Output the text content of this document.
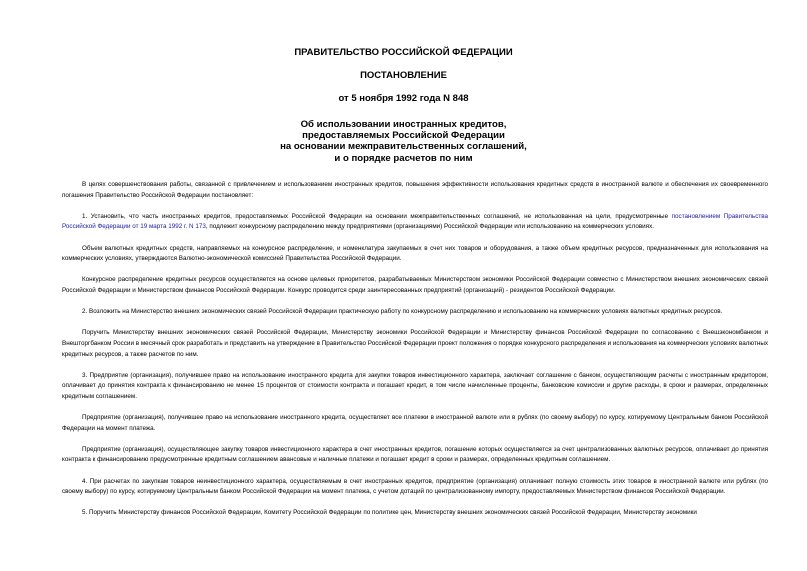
ПРАВИТЕЛЬСТВО РОССИЙСКОЙ ФЕДЕРАЦИИ

ПОСТАНОВЛЕНИЕ

от 5 ноября 1992 года N 848

Об использовании иностранных кредитов,
предоставляемых Российской Федерации
на основании межправительственных соглашений,
и о порядке расчетов по ним

В целях совершенствования работы, связанной с привлечением и использованием иностранных кредитов, повышения эффективности использования кредитных средств в иностранной валюте и обеспечения их своевременного погашения Правительство Российской Федерации постановляет:

1. Установить, что часть иностранных кредитов, предоставляемых Российской Федерации на основании межправительственных соглашений, не использованная на цели, предусмотренные постановлением Правительства Российской Федерации от 19 марта 1992 г. N 173, подлежит конкурсному распределению между предприятиями (организациями) Российской Федерации или использованию на коммерческих условиях.

Объем валютных кредитных средств, направляемых на конкурсное распределение, и номенклатура закупаемых в счет них товаров и оборудования, а также объем кредитных ресурсов, предназначенных для использования на коммерческих условиях, утверждаются Валютно-экономической комиссией Правительства Российской Федерации.

Конкурсное распределение кредитных ресурсов осуществляется на основе целевых приоритетов, разрабатываемых Министерством экономики Российской Федерации совместно с Министерством внешних экономических связей Российской Федерации и Министерством финансов Российской Федерации. Конкурс проводится среди заинтересованных предприятий (организаций) - резидентов Российской Федерации.

2. Возложить на Министерство внешних экономических связей Российской Федерации практическую работу по конкурсному распределению и использованию на коммерческих условиях валютных кредитных ресурсов.

Поручить Министерству внешних экономических связей Российской Федерации, Министерству экономики Российской Федерации и Министерству финансов Российской Федерации по согласованию с Внешэкономбанком и Внешторгбанком России в месячный срок разработать и представить на утверждение в Правительство Российской Федерации проект положения о порядке конкурсного распределения и использования на коммерческих условиях валютных кредитных ресурсов, а также расчетов по ним.

3. Предприятие (организация), получившее право на использование иностранного кредита для закупки товаров инвестиционного характера, заключает соглашение с банком, осуществляющим расчеты с иностранным кредитором, оплачивает до принятия контракта к финансированию не менее 15 процентов от стоимости контракта и погашает кредит, в том числе начисленные проценты, банковские комиссии и другие расходы, в сроки и размерах, определенных кредитным соглашением.

Предприятие (организация), получившее право на использование иностранного кредита, осуществляет все платежи в иностранной валюте или в рублях (по своему выбору) по курсу, котируемому Центральным банком Российской Федерации на момент платежа.

Предприятие (организация), осуществляющее закупку товаров инвестиционного характера в счет иностранных кредитов, погашение которых осуществляется за счет централизованных валютных ресурсов, оплачивает до принятия контракта к финансированию предусмотренные кредитным соглашением авансовые и наличные платежи и погашает кредит в сроки и размерах, определенных кредитным соглашением.

4. При расчетах по закупкам товаров неинвестиционного характера, осуществляемым в счет иностранных кредитов, предприятие (организация) оплачивает полную стоимость этих товаров в иностранной валюте или рублях (по своему выбору) по курсу, котируемому Центральным банком Российской Федерации на момент платежа, с учетом дотаций по централизованному импорту, предоставляемых Министерством финансов Российской Федерации.

5. Поручить Министерству финансов Российской Федерации, Комитету Российской Федерации по политике цен, Министерству внешних экономических связей Российской Федерации, Министерству экономики
